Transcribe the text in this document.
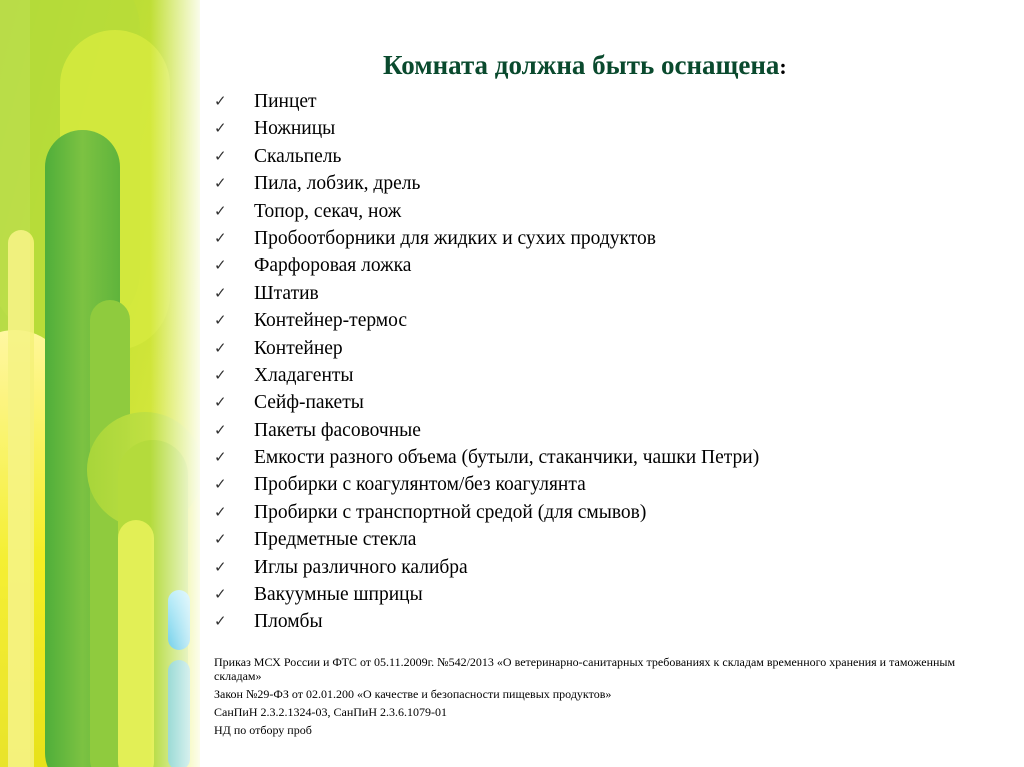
Комната должна быть оснащена:
✓ Пинцет
✓ Ножницы
✓ Скальпель
✓ Пила, лобзик, дрель
✓ Топор, секач, нож
✓ Пробоотборники для жидких и сухих продуктов
✓ Фарфоровая ложка
✓ Штатив
✓ Контейнер-термос
✓ Контейнер
✓ Хладагенты
✓ Сейф-пакеты
✓ Пакеты фасовочные
✓ Емкости разного объема (бутыли, стаканчики, чашки Петри)
✓ Пробирки с коагулянтом/без коагулянта
✓ Пробирки с транспортной средой (для смывов)
✓ Предметные стекла
✓ Иглы различного калибра
✓ Вакуумные шприцы
✓ Пломбы

Приказ МСХ России и ФТС от 05.11.2009г. №542/2013 «О ветеринарно-санитарных требованиях к складам временного хранения и таможенным складам»

Закон №29-ФЗ от 02.01.200 «О качестве и безопасности пищевых продуктов»

СанПиН 2.3.2.1324-03, СанПиН 2.3.6.1079-01

НД по отбору проб
